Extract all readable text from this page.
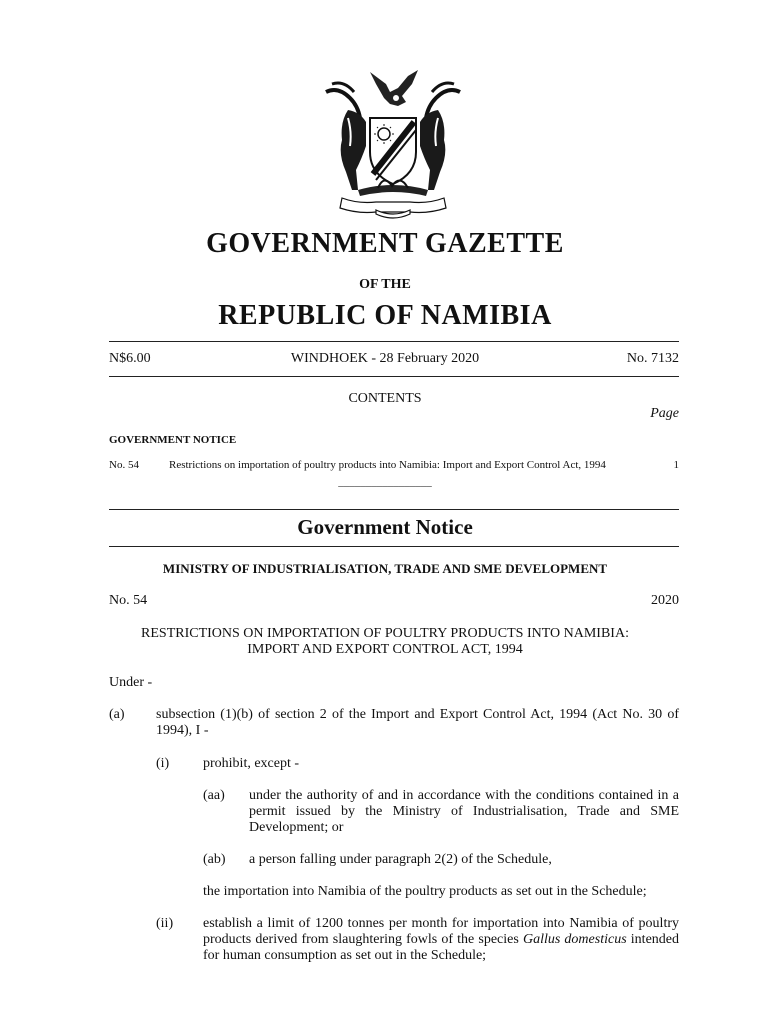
GOVERNMENT GAZETTE
OF THE
REPUBLIC OF NAMIBIA
N$6.00	WINDHOEK - 28 February 2020	No. 7132
CONTENTS
Page
GOVERNMENT NOTICE
No. 54	Restrictions on importation of poultry products into Namibia: Import and Export Control Act, 1994	1
_________________
Government Notice
MINISTRY OF INDUSTRIALISATION, TRADE AND SME DEVELOPMENT
No. 54	2020
RESTRICTIONS ON IMPORTATION OF POULTRY PRODUCTS INTO NAMIBIA:
IMPORT AND EXPORT CONTROL ACT, 1994
Under -
(a) subsection (1)(b) of section 2 of the Import and Export Control Act, 1994 (Act No. 30 of 1994), I -
(i) prohibit, except -
(aa) under the authority of and in accordance with the conditions contained in a permit issued by the Ministry of Industrialisation, Trade and SME Development; or
(ab) a person falling under paragraph 2(2) of the Schedule,
the importation into Namibia of the poultry products as set out in the Schedule;
(ii) establish a limit of 1200 tonnes per month for importation into Namibia of poultry products derived from slaughtering fowls of the species Gallus domesticus intended for human consumption as set out in the Schedule;
